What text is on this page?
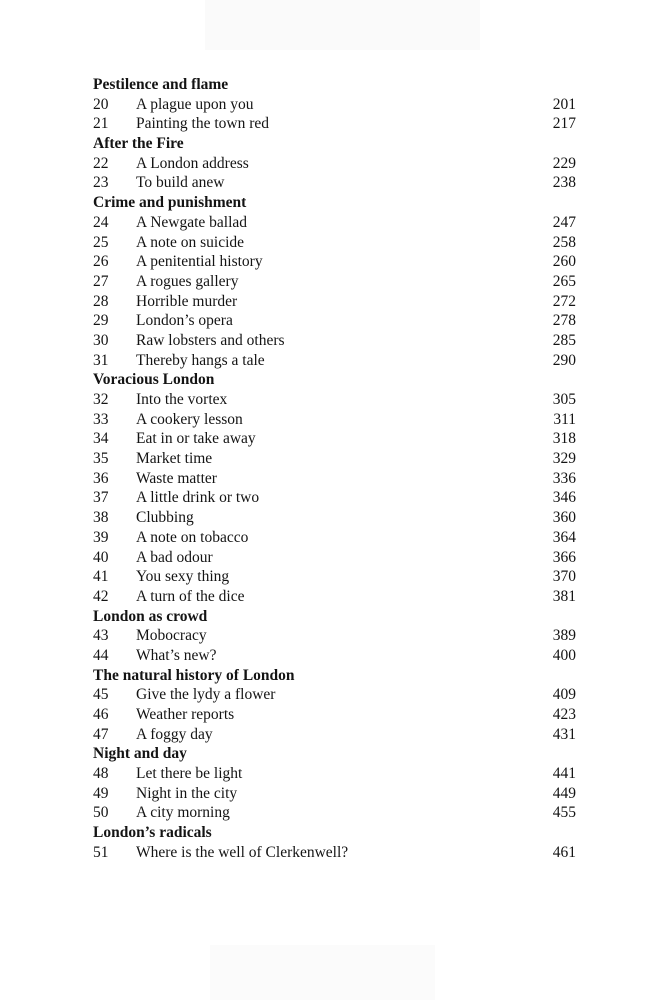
Pestilence and flame
20	A plague upon you	201
21	Painting the town red	217
After the Fire
22	A London address	229
23	To build anew	238
Crime and punishment
24	A Newgate ballad	247
25	A note on suicide	258
26	A penitential history	260
27	A rogues gallery	265
28	Horrible murder	272
29	London’s opera	278
30	Raw lobsters and others	285
31	Thereby hangs a tale	290
Voracious London
32	Into the vortex	305
33	A cookery lesson	311
34	Eat in or take away	318
35	Market time	329
36	Waste matter	336
37	A little drink or two	346
38	Clubbing	360
39	A note on tobacco	364
40	A bad odour	366
41	You sexy thing	370
42	A turn of the dice	381
London as crowd
43	Mobocracy	389
44	What’s new?	400
The natural history of London
45	Give the lydy a flower	409
46	Weather reports	423
47	A foggy day	431
Night and day
48	Let there be light	441
49	Night in the city	449
50	A city morning	455
London’s radicals
51	Where is the well of Clerkenwell?	461
